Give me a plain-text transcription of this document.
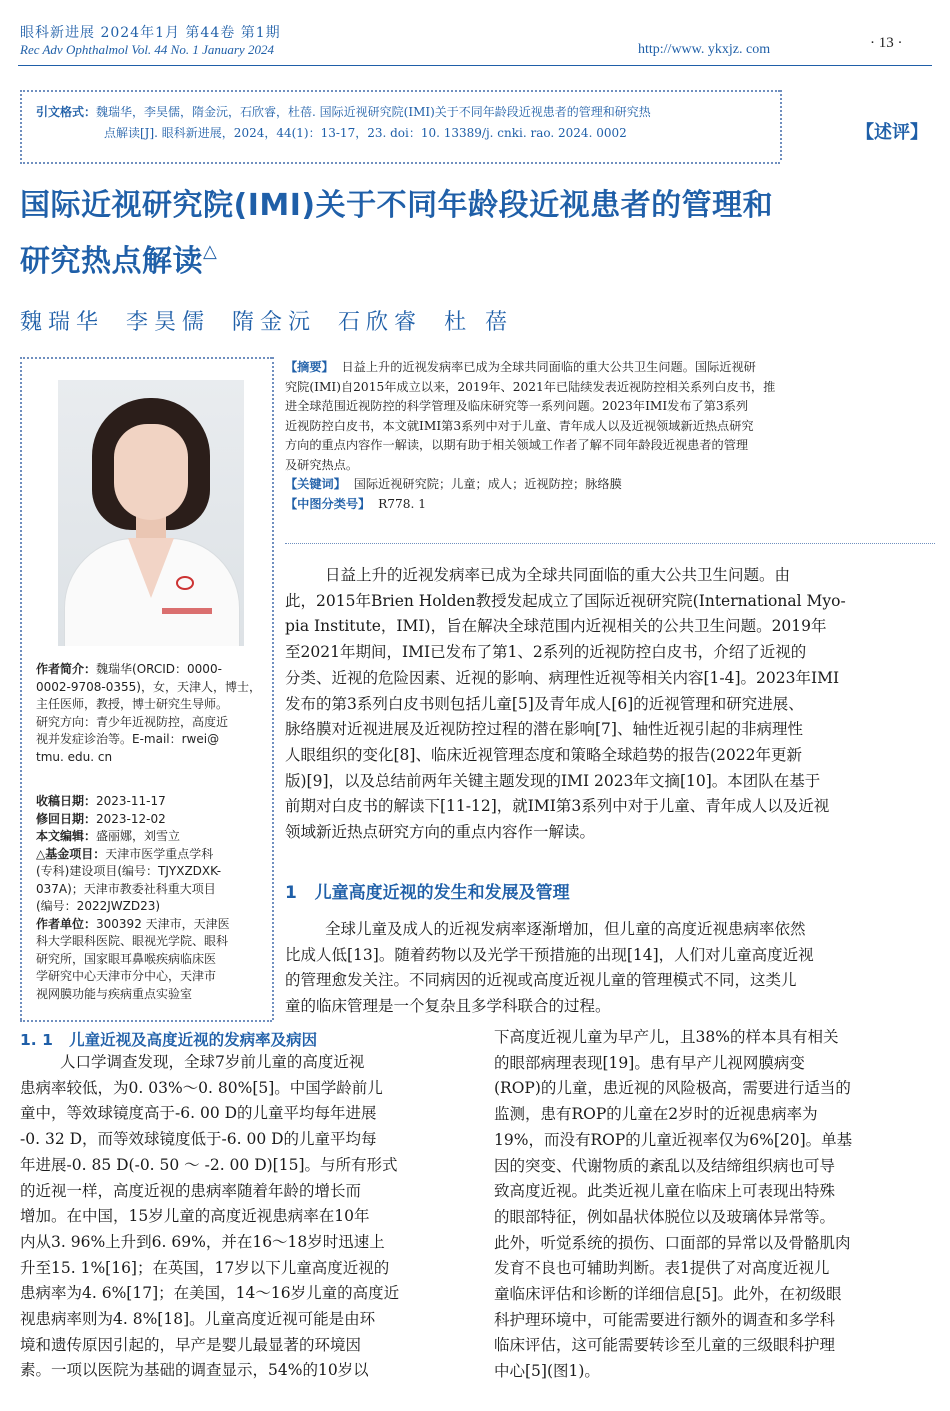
眼科新进展 2024年1月 第44卷 第1期
Rec Adv Ophthalmol Vol. 44 No. 1 January 2024	http://www. ykxjz. com	· 13 ·
引文格式：魏瑞华，李昊儒，隋金沅，石欣睿，杜蓓. 国际近视研究院(IMI)关于不同年龄段近视患者的管理和研究热
点解读[J]. 眼科新进展，2024，44(1)：13-17，23. doi：10. 13389/j. cnki. rao. 2024. 0002	【述评】
国际近视研究院(IMI)关于不同年龄段近视患者的管理和
研究热点解读△
魏瑞华 李昊儒 隋金沅 石欣睿 杜 蓓
作者简介：魏瑞华(ORCID：0000-
0002-9708-0355)，女，天津人，博士，
主任医师，教授，博士研究生导师。
研究方向：青少年近视防控，高度近
视并发症诊治等。E-mail：rwei@
tmu. edu. cn
收稿日期：2023-11-17
修回日期：2023-12-02
本文编辑：盛丽娜，刘雪立
△基金项目：天津市医学重点学科
(专科)建设项目(编号：TJYXZDXK-
037A)；天津市教委社科重大项目
(编号：2022JWZD23)
作者单位：300392 天津市，天津医
科大学眼科医院、眼视光学院、眼科
研究所，国家眼耳鼻喉疾病临床医
学研究中心天津市分中心，天津市
视网膜功能与疾病重点实验室
【摘要】 日益上升的近视发病率已成为全球共同面临的重大公共卫生问题。国际近视研
究院(IMI)自2015年成立以来，2019年、2021年已陆续发表近视防控相关系列白皮书，推
进全球范围近视防控的科学管理及临床研究等一系列问题。2023年IMI发布了第3系列
近视防控白皮书，本文就IMI第3系列中对于儿童、青年成人以及近视领域新近热点研究
方向的重点内容作一解读，以期有助于相关领域工作者了解不同年龄段近视患者的管理
及研究热点。
【关键词】 国际近视研究院；儿童；成人；近视防控；脉络膜
【中图分类号】 R778. 1
日益上升的近视发病率已成为全球共同面临的重大公共卫生问题。由
此，2015年Brien Holden教授发起成立了国际近视研究院(International Myo-
pia Institute，IMI)，旨在解决全球范围内近视相关的公共卫生问题。2019年
至2021年期间，IMI已发布了第1、2系列的近视防控白皮书，介绍了近视的
分类、近视的危险因素、近视的影响、病理性近视等相关内容[1-4]。2023年IMI
发布的第3系列白皮书则包括儿童[5]及青年成人[6]的近视管理和研究进展、
脉络膜对近视进展及近视防控过程的潜在影响[7]、轴性近视引起的非病理性
人眼组织的变化[8]、临床近视管理态度和策略全球趋势的报告(2022年更新
版)[9]，以及总结前两年关键主题发现的IMI 2023年文摘[10]。本团队在基于
前期对白皮书的解读下[11-12]，就IMI第3系列中对于儿童、青年成人以及近视
领域新近热点研究方向的重点内容作一解读。
1 儿童高度近视的发生和发展及管理
全球儿童及成人的近视发病率逐渐增加，但儿童的高度近视患病率依然
比成人低[13]。随着药物以及光学干预措施的出现[14]，人们对儿童高度近视
的管理愈发关注。不同病因的近视或高度近视儿童的管理模式不同，这类儿
童的临床管理是一个复杂且多学科联合的过程。
1. 1 儿童近视及高度近视的发病率及病因
人口学调查发现，全球7岁前儿童的高度近视
患病率较低，为0. 03%～0. 80%[5]。中国学龄前儿
童中，等效球镜度高于-6. 00 D的儿童平均每年进展
-0. 32 D，而等效球镜度低于-6. 00 D的儿童平均每
年进展-0. 85 D(-0. 50 ～ -2. 00 D)[15]。与所有形式
的近视一样，高度近视的患病率随着年龄的增长而
增加。在中国，15岁儿童的高度近视患病率在10年
内从3. 96%上升到6. 69%，并在16～18岁时迅速上
升至15. 1%[16]；在英国，17岁以下儿童高度近视的
患病率为4. 6%[17]；在美国，14～16岁儿童的高度近
视患病率则为4. 8%[18]。儿童高度近视可能是由环
境和遗传原因引起的，早产是婴儿最显著的环境因
素。一项以医院为基础的调查显示，54%的10岁以
下高度近视儿童为早产儿，且38%的样本具有相关
的眼部病理表现[19]。患有早产儿视网膜病变
(ROP)的儿童，患近视的风险极高，需要进行适当的
监测，患有ROP的儿童在2岁时的近视患病率为
19%，而没有ROP的儿童近视率仅为6%[20]。单基
因的突变、代谢物质的紊乱以及结缔组织病也可导
致高度近视。此类近视儿童在临床上可表现出特殊
的眼部特征，例如晶状体脱位以及玻璃体异常等。
此外，听觉系统的损伤、口面部的异常以及骨骼肌肉
发育不良也可辅助判断。表1提供了对高度近视儿
童临床评估和诊断的详细信息[5]。此外，在初级眼
科护理环境中，可能需要进行额外的调查和多学科
临床评估，这可能需要转诊至儿童的三级眼科护理
中心[5](图1)。
